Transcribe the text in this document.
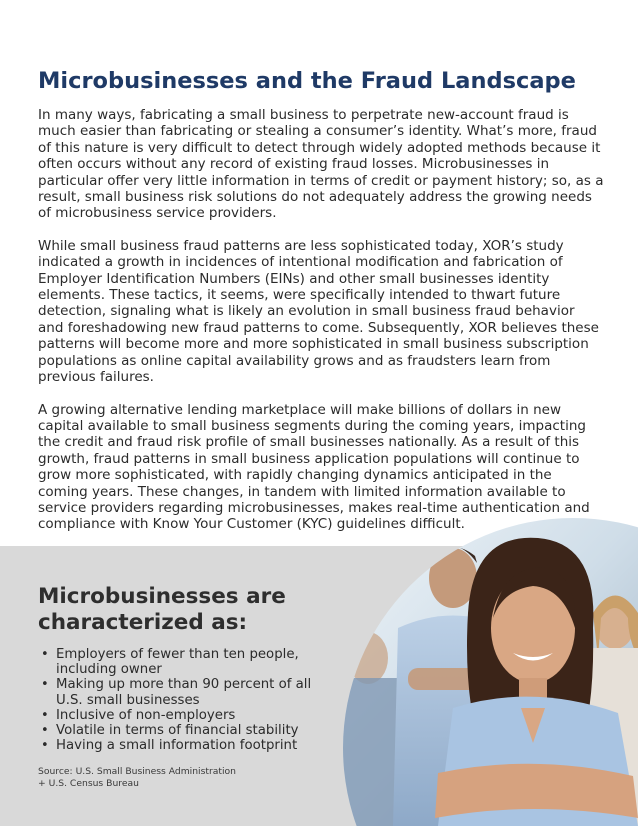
Microbusinesses and the Fraud Landscape

In many ways, fabricating a small business to perpetrate new-account fraud is much easier than fabricating or stealing a consumer’s identity. What’s more, fraud of this nature is very difficult to detect through widely adopted methods because it often occurs without any record of existing fraud losses. Microbusinesses in particular offer very little information in terms of credit or payment history; so, as a result, small business risk solutions do not adequately address the growing needs of microbusiness service providers.

While small business fraud patterns are less sophisticated today, XOR’s study indicated a growth in incidences of intentional modification and fabrication of Employer Identification Numbers (EINs) and other small businesses identity elements. These tactics, it seems, were specifically intended to thwart future detection, signaling what is likely an evolution in small business fraud behavior and foreshadowing new fraud patterns to come. Subsequently, XOR believes these patterns will become more and more sophisticated in small business subscription populations as online capital availability grows and as fraudsters learn from previous failures.

A growing alternative lending marketplace will make billions of dollars in new capital available to small business segments during the coming years, impacting the credit and fraud risk profile of small businesses nationally. As a result of this growth, fraud patterns in small business application populations will continue to grow more sophisticated, with rapidly changing dynamics anticipated in the coming years. These changes, in tandem with limited information available to service providers regarding microbusinesses, makes real-time authentication and compliance with Know Your Customer (KYC) guidelines difficult.

Microbusinesses are characterized as:
• Employers of fewer than ten people, including owner
• Making up more than 90 percent of all U.S. small businesses
• Inclusive of non-employers
• Volatile in terms of financial stability
• Having a small information footprint
Source: U.S. Small Business Administration
+ U.S. Census Bureau
